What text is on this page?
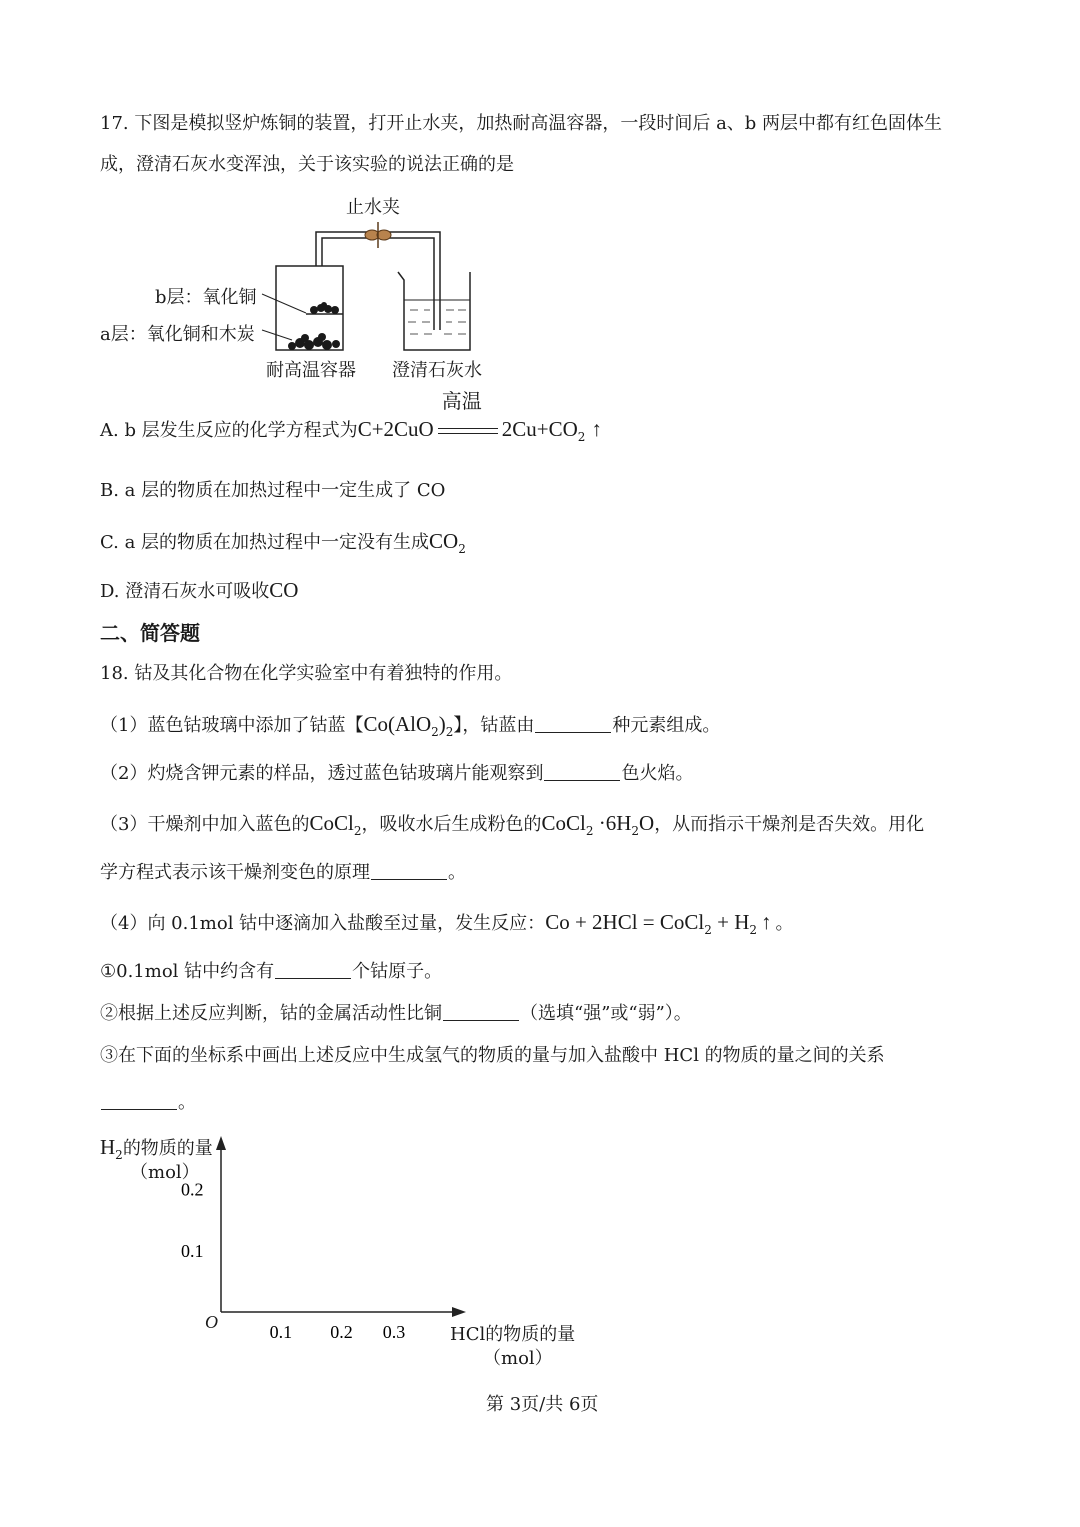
17. 下图是模拟竖炉炼铜的装置，打开止水夹，加热耐高温容器，一段时间后 a、b 两层中都有红色固体生
成，澄清石灰水变浑浊，关于该实验的说法正确的是
止水夹
b层：氧化铜
a层：氧化铜和木炭
耐高温容器 澄清石灰水
A. b 层发生反应的化学方程式为C+2CuO
高温
$2Cu+CO_2$ ↑
B. a 层的物质在加热过程中一定生成了 CO
C. a 层的物质在加热过程中一定没有生成$CO_2$
D. 澄清石灰水可吸收CO
二、简答题
18. 钴及其化合物在化学实验室中有着独特的作用。
（1）蓝色钴玻璃中添加了钴蓝【$Co(AlO_2)_2$】，钴蓝由	种元素组成。
（2）灼烧含钾元素的样品，透过蓝色钴玻璃片能观察到	色火焰。
（3）干燥剂中加入蓝色的CoCl$_2$，吸收水后生成粉色的CoCl$_2$ $\cdot 6H_2O$，从而指示干燥剂是否失效。用化
学方程式表示该干燥剂变色的原理	。
（4）向 0.1mol 钴中逐滴加入盐酸至过量，发生反应：Co + 2HCl = CoCl$_2$ + $H_2$ ↑ 。
①0.1mol 钴中约含有	个钴原子。
②根据上述反应判断，钴的金属活动性比铜	（选填“强”或“弱”）。
③在下面的坐标系中画出上述反应中生成氢气的物质的量与加入盐酸中 HCl 的物质的量之间的关系
。
$H_2$的物质的量
（mol）
0.1 0.2 0.3
0.1
0.2
O
HCl的物质的量
（mol）
第 3页/共 6页
